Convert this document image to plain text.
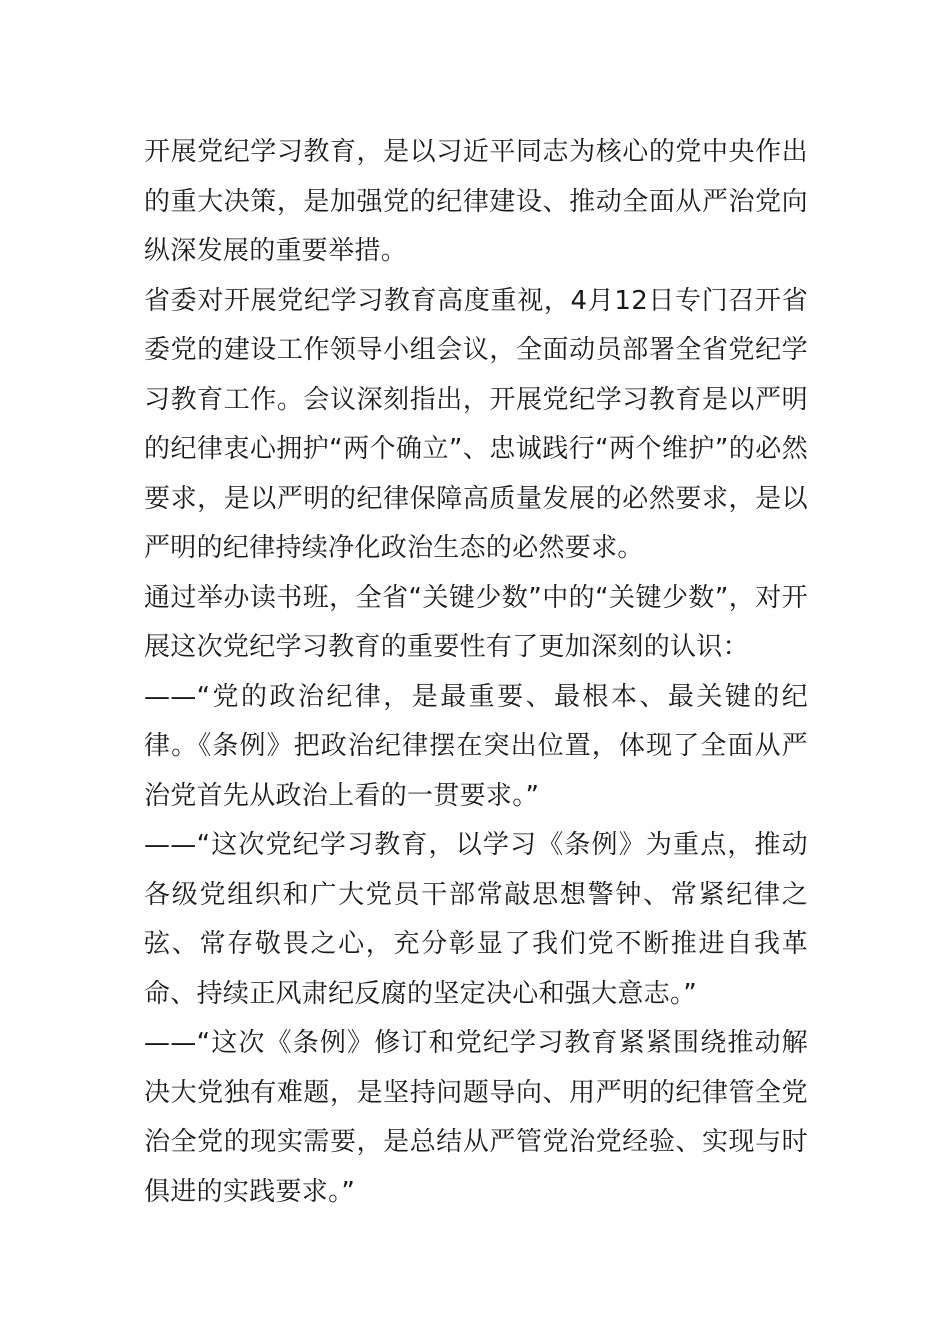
开展党纪学习教育，是以习近平同志为核心的党中央作出的重大决策，是加强党的纪律建设、推动全面从严治党向纵深发展的重要举措。

省委对开展党纪学习教育高度重视，4月12日专门召开省委党的建设工作领导小组会议，全面动员部署全省党纪学习教育工作。会议深刻指出，开展党纪学习教育是以严明的纪律衷心拥护“两个确立”、忠诚践行“两个维护”的必然要求，是以严明的纪律保障高质量发展的必然要求，是以严明的纪律持续净化政治生态的必然要求。

通过举办读书班，全省“关键少数”中的“关键少数”，对开展这次党纪学习教育的重要性有了更加深刻的认识：

——“党的政治纪律，是最重要、最根本、最关键的纪律。《条例》把政治纪律摆在突出位置，体现了全面从严治党首先从政治上看的一贯要求。”

——“这次党纪学习教育，以学习《条例》为重点，推动各级党组织和广大党员干部常敲思想警钟、常紧纪律之弦、常存敬畏之心，充分彰显了我们党不断推进自我革命、持续正风肃纪反腐的坚定决心和强大意志。”

——“这次《条例》修订和党纪学习教育紧紧围绕推动解决大党独有难题，是坚持问题导向、用严明的纪律管全党治全党的现实需要，是总结从严管党治党经验、实现与时俱进的实践要求。”
